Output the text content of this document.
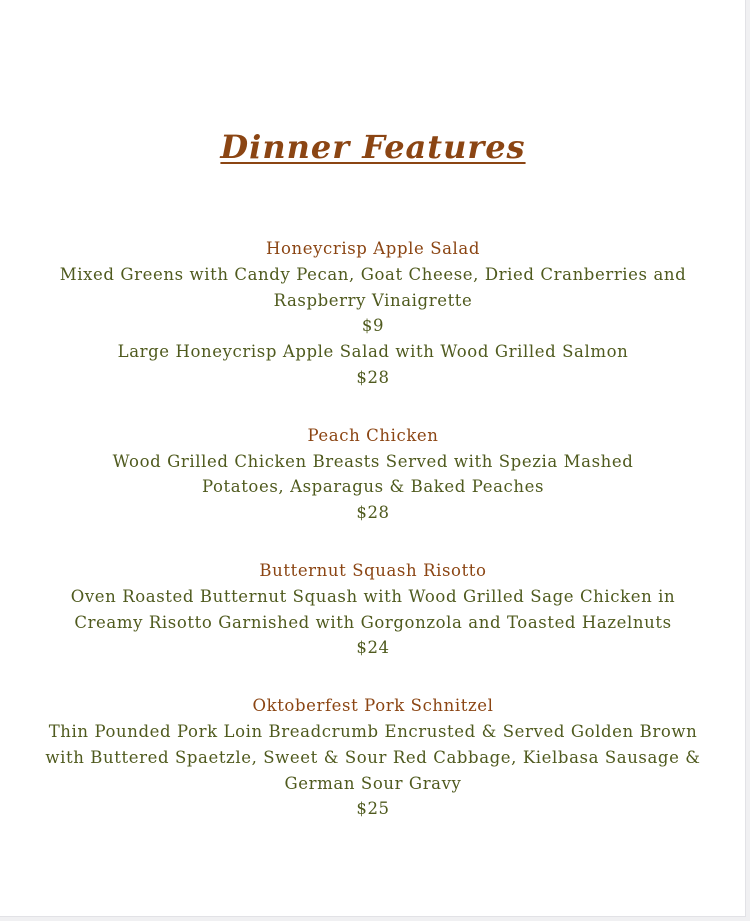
Dinner Features
Honeycrisp Apple Salad
Mixed Greens with Candy Pecan, Goat Cheese, Dried Cranberries and Raspberry Vinaigrette
$9
Large Honeycrisp Apple Salad with Wood Grilled Salmon
$28
Peach Chicken
Wood Grilled Chicken Breasts Served with Spezia Mashed Potatoes, Asparagus & Baked Peaches
$28
Butternut Squash Risotto
Oven Roasted Butternut Squash with Wood Grilled Sage Chicken in Creamy Risotto Garnished with Gorgonzola and Toasted Hazelnuts
$24
Oktoberfest Pork Schnitzel
Thin Pounded Pork Loin Breadcrumb Encrusted & Served Golden Brown with Buttered Spaetzle, Sweet & Sour Red Cabbage, Kielbasa Sausage & German Sour Gravy
$25
